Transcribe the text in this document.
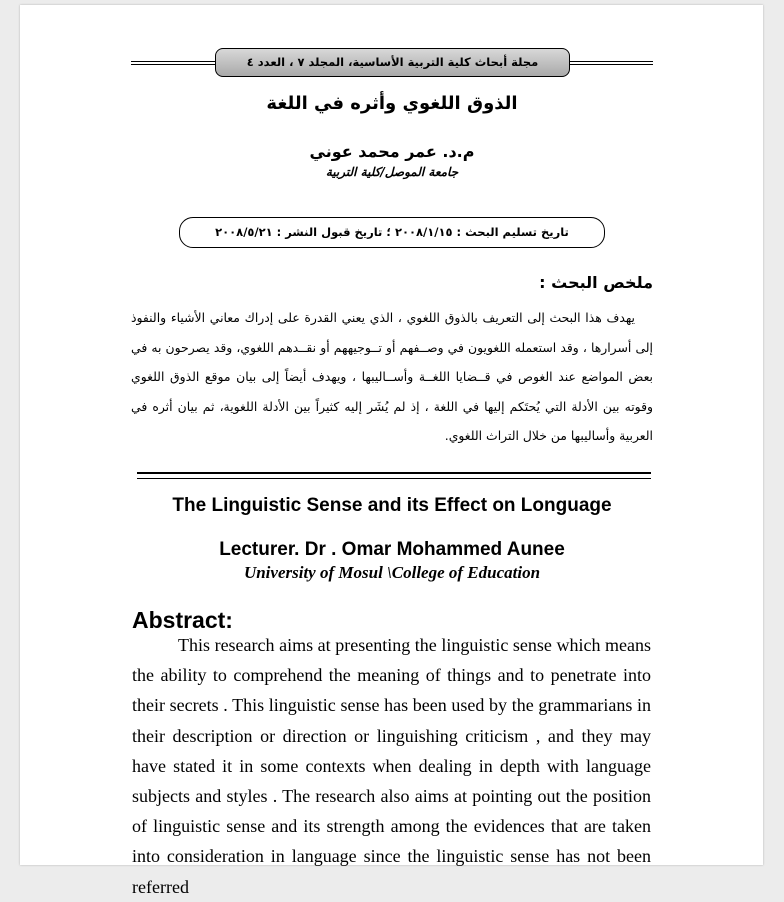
مجلة أبحاث كلية التربية الأساسية، المجلد ٧ ، العدد ٤
الذوق اللغوي وأثره في اللغة
م.د. عمر محمد عوني
جامعة الموصل/كلية التربية
تاريخ تسليم البحث : ٢٠٠٨/١/١٥ ؛ تاريخ قبول النشر : ٢٠٠٨/٥/٢١
ملخص البحث :

يهدف هذا البحث إلى التعريف بالذوق اللغوي ، الذي يعني القدرة على إدراك معاني الأشياء والنفوذ إلى أسرارها ، وقد استعمله اللغويون في وصــفهم أو تــوجيههم أو نقــدهم اللغوي، وقد يصرحون به في بعض المواضع عند الغوص في قــضايا اللغــة وأســاليبها ، ويهدف أيضاً إلى بيان موقع الذوق اللغوي وقوته بين الأدلة التي يُحتَكم إليها في اللغة ، إذ لم يُشَر إليه كثيراً بين الأدلة اللغوية، ثم بيان أثره في العربية وأساليبها من خلال التراث اللغوي.

The Linguistic Sense and its Effect on Longuage
Lecturer. Dr . Omar Mohammed Aunee
University of Mosul \College of Education
Abstract:

This research aims at presenting the linguistic sense which means the ability to comprehend the meaning of things and to penetrate into their secrets . This linguistic sense has been used by the grammarians in their description or direction or linguishing criticism , and they may have stated it in some contexts when dealing in depth with language subjects and styles . The research also aims at pointing out the position of linguistic sense and its strength among the evidences that are taken into consideration in language since the linguistic sense has not been referred
